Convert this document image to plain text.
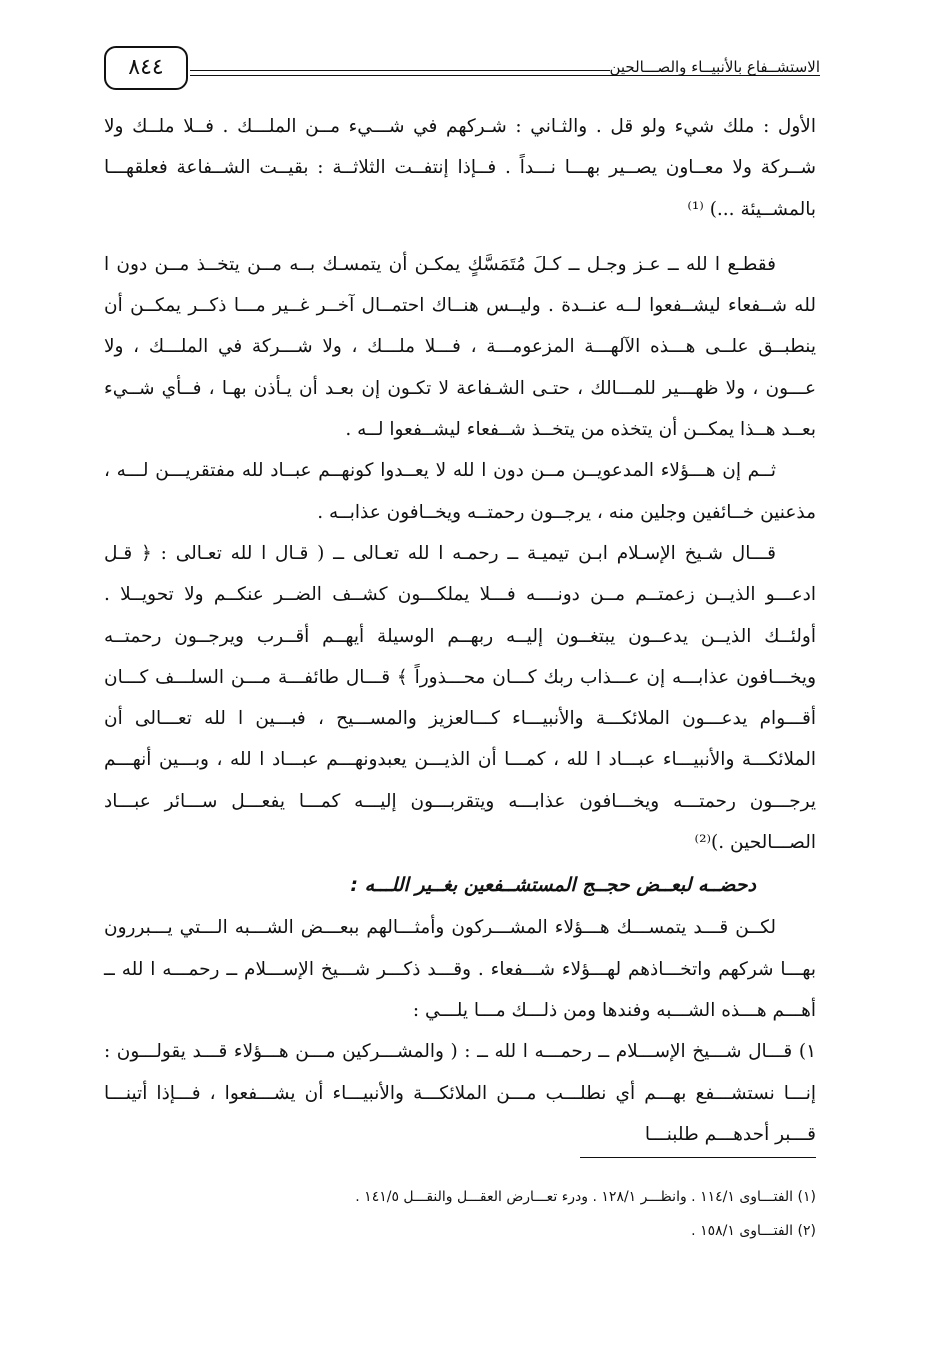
٨٤٤	الاستشــفاع بالأنبيــاء والصـــالحين

الأول : ملك شيء ولو قل . والثـاني : شـركهم في شـــيء مــن الملـــك . فــلا ملــك ولا شــركة ولا معــاون يصــير بهـــا نـــداً . فــإذا إنتفــت الثلاثــة : بقيــت الشــفاعة فعلقهـــا بالمشــيئة ...) ⁽¹⁾

فقطـع ا لله ــ عـز وجـل ــ كـلَ مُتَمَسَّكٍ يمكـن أن يتمسـك بــه مــن يتخــذ مــن دون ا لله شــفعاء ليشــفعوا لــه عنــدة . وليــس هنــاك احتمــال آخــر غــير مـــا ذكــر يمكــن أن ينطبــق علــى هـــذه الآلهـــة المزعومـــة ، فـــلا ملـــك ، ولا شـــركة في الملـــك ، ولا عـــون ، ولا ظهـــير للمـــالك ، حتـى الشـفاعة لا تكـون إن بعـد أن يـأذن بهـا ، فــأي شــيء بعــد هــذا يمكــن أن يتخذه من يتخــذ شــفعاء ليشــفعوا لــه .

ثــم إن هـــؤلاء المدعويــن مــن دون ا لله لا يعــدوا كونهــم عبــاد لله مفتقريـــن لـــه ، مذعنين خــائفين وجلين منه ، يرجــون رحمتــه ويخــافون عذابــه .

قـــال شـيخ الإسـلام ابـن تيميـة ــ رحمـه ا لله تعـالى ــ ( قـال ا لله تعـالى : ﴿ قـل ادعـــو الذيــن زعمتــم مــن دونــــه فـــلا يملكـــون كشــف الضــر عنكــم ولا تحويــلا . أولئــك الذيــن يدعــون يبتغــون إليــه ربهــم الوسيلة أيهــم أقــرب ويرجــون رحمتــه ويخـــافون عذابـــه إن عـــذاب ربك كـــان محـــذوراً ﴾ قـــال طائفـــة مـــن السلـــف كـــان أقـــوام يدعـــون الملائكـــة والأنبيـــاء كـــالعزيز والمســـيح ، فبـــين ا لله تعـــالى أن الملائكـــة والأنبيـــاء عبـــاد ا لله ، كمـــا أن الذيـــن يعبدونهـــم عبـــاد ا لله ، وبـــين أنهـــم يرجـــون رحمتـــه ويخـــافون عذابـــه ويتقربـــون إليـــه كمـــا يفعـــل ســـائر عبـــاد الصـــالحين .)⁽²⁾

دحضــه لبعــض حجــج المستشــفعين بغــير اللـــه :

لكــن قـــد يتمســـك هـــؤلاء المشـــركون وأمثـــالهم ببعـــض الشـــبه الـــتي يـــبررون بهـــا شركهم واتخـــاذهم لهـــؤلاء شـــفعاء . وقـــد ذكـــر شـــيخ الإســـلام ــ رحمـــه ا لله ــ أهـــم هـــذه الشـــبه وفندها ومن ذلـــك مـــا يلـــي :

١) قـــال شـــيخ الإســـلام ــ رحمـــه ا لله ــ : ( والمشـــركين مـــن هـــؤلاء قـــد يقولـــون : إنـــا نستشـــفع بهـــم أي نطلـــب مـــن الملائكـــة والأنبيـــاء أن يشـــفعوا ، فـــإذا أتينـــا قـــبر أحدهـــم طلبنـــا

(١) الفتـــاوى ١١٤/١ . وانظـــر ١٢٨/١ . ودرء تعـــارض العقـــل والنقـــل ١٤١/٥ .

(٢) الفتـــاوى ١٥٨/١ .
